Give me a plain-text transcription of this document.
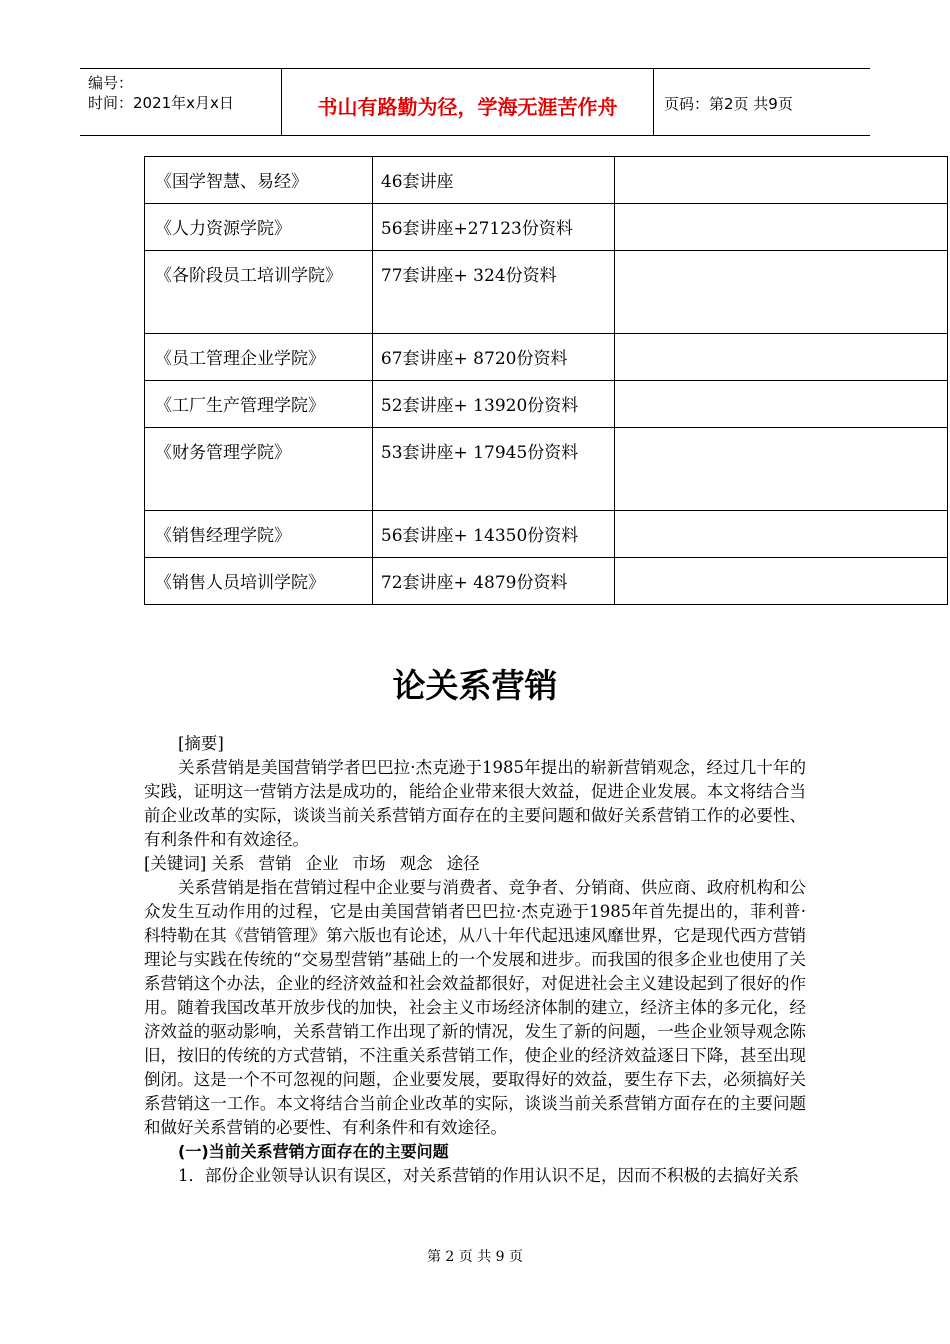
编号：
时间：2021年x月x日	书山有路勤为径，学海无涯苦作舟	页码：第2页 共9页
《国学智慧、易经》	46套讲座	
《人力资源学院》	56套讲座+27123份资料	
《各阶段员工培训学院》	77套讲座+ 324份资料	
《员工管理企业学院》	67套讲座+ 8720份资料	
《工厂生产管理学院》	52套讲座+ 13920份资料	
《财务管理学院》	53套讲座+ 17945份资料	
《销售经理学院》	56套讲座+ 14350份资料	
《销售人员培训学院》	72套讲座+ 4879份资料	
论关系营销

[摘要]

关系营销是美国营销学者巴巴拉·杰克逊于1985年提出的崭新营销观念，经过几十年的实践，证明这一营销方法是成功的，能给企业带来很大效益，促进企业发展。本文将结合当前企业改革的实际，谈谈当前关系营销方面存在的主要问题和做好关系营销工作的必要性、有利条件和有效途径。

[关键词] 关系 营销 企业 市场 观念 途径

关系营销是指在营销过程中企业要与消费者、竞争者、分销商、供应商、政府机构和公众发生互动作用的过程，它是由美国营销者巴巴拉·杰克逊于1985年首先提出的，菲利普·科特勒在其《营销管理》第六版也有论述，从八十年代起迅速风靡世界，它是现代西方营销理论与实践在传统的“交易型营销”基础上的一个发展和进步。而我国的很多企业也使用了关系营销这个办法，企业的经济效益和社会效益都很好，对促进社会主义建设起到了很好的作用。随着我国改革开放步伐的加快，社会主义市场经济体制的建立，经济主体的多元化，经济效益的驱动影响，关系营销工作出现了新的情况，发生了新的问题，一些企业领导观念陈旧，按旧的传统的方式营销，不注重关系营销工作，使企业的经济效益逐日下降，甚至出现倒闭。这是一个不可忽视的问题，企业要发展，要取得好的效益，要生存下去，必须搞好关系营销这一工作。本文将结合当前企业改革的实际，谈谈当前关系营销方面存在的主要问题和做好关系营销的必要性、有利条件和有效途径。

(一)当前关系营销方面存在的主要问题

1．部份企业领导认识有误区，对关系营销的作用认识不足，因而不积极的去搞好关系

第 2 页 共 9 页
